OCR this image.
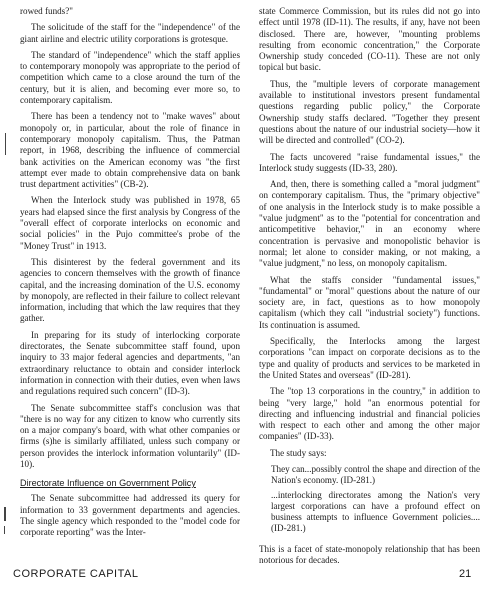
rowed funds?"

The solicitude of the staff for the "independence" of the giant airline and electric utility corporations is grotesque.

The standard of "independence" which the staff applies to contemporary monopoly was appropriate to the period of competition which came to a close around the turn of the century, but it is alien, and becoming ever more so, to contemporary capitalism.

There has been a tendency not to "make waves" about monopoly or, in particular, about the role of finance in contemporary monopoly capitalism. Thus, the Patman report, in 1968, describing the influence of commercial bank activities on the American economy was "the first attempt ever made to obtain comprehensive data on bank trust department activities" (CB-2).

When the Interlock study was published in 1978, 65 years had elapsed since the first analysis by Congress of the "overall effect of corporate interlocks on economic and social policies" in the Pujo committee's probe of the "Money Trust" in 1913.

This disinterest by the federal government and its agencies to concern themselves with the growth of finance capital, and the increasing domination of the U.S. economy by monopoly, are reflected in their failure to collect relevant information, including that which the law requires that they gather.

In preparing for its study of interlocking corporate directorates, the Senate subcommittee staff found, upon inquiry to 33 major federal agencies and departments, "an extraordinary reluctance to obtain and consider interlock information in connection with their duties, even when laws and regulations required such concern" (ID-3).

The Senate subcommittee staff's conclusion was that "there is no way for any citizen to know who currently sits on a major company's board, with what other companies or firms (s)he is similarly affiliated, unless such company or person provides the interlock information voluntarily" (ID-10).

Directorate Influence on Government Policy

The Senate subcommittee had addressed its query for information to 33 government departments and agencies. The single agency which responded to the "model code for corporate reporting" was the Inter-

state Commerce Commission, but its rules did not go into effect until 1978 (ID-11). The results, if any, have not been disclosed. There are, however, "mounting problems resulting from economic concentration," the Corporate Ownership study conceded (CO-11). These are not only topical but basic.

Thus, the "multiple levers of corporate management available to institutional investors present fundamental questions regarding public policy," the Corporate Ownership study staffs declared. "Together they present questions about the nature of our industrial society—how it will be directed and controlled" (CO-2).

The facts uncovered "raise fundamental issues," the Interlock study suggests (ID-33, 280).

And, then, there is something called a "moral judgment" on contemporary capitalism. Thus, the "primary objective" of one analysis in the Interlock study is to make possible a "value judgment" as to the "potential for concentration and anticompetitive behavior," in an economy where concentration is pervasive and monopolistic behavior is normal; let alone to consider making, or not making, a "value judgment," no less, on monopoly capitalism.

What the staffs consider "fundamental issues," "fundamental" or "moral" questions about the nature of our society are, in fact, questions as to how monopoly capitalism (which they call "industrial society") functions. Its continuation is assumed.

Specifically, the Interlocks among the largest corporations "can impact on corporate decisions as to the type and quality of products and services to be marketed in the United States and overseas" (ID-281).

The "top 13 corporations in the country," in addition to being "very large," hold "an enormous potential for directing and influencing industrial and financial policies with respect to each other and among the other major companies" (ID-33).

The study says:

They can...possibly control the shape and direction of the Nation's economy. (ID-281.)
...interlocking directorates among the Nation's very largest corporations can have a profound effect on business attempts to influence Government policies....(ID-281.)

This is a facet of state-monopoly relationship that has been notorious for decades.

CORPORATE CAPITAL	21
